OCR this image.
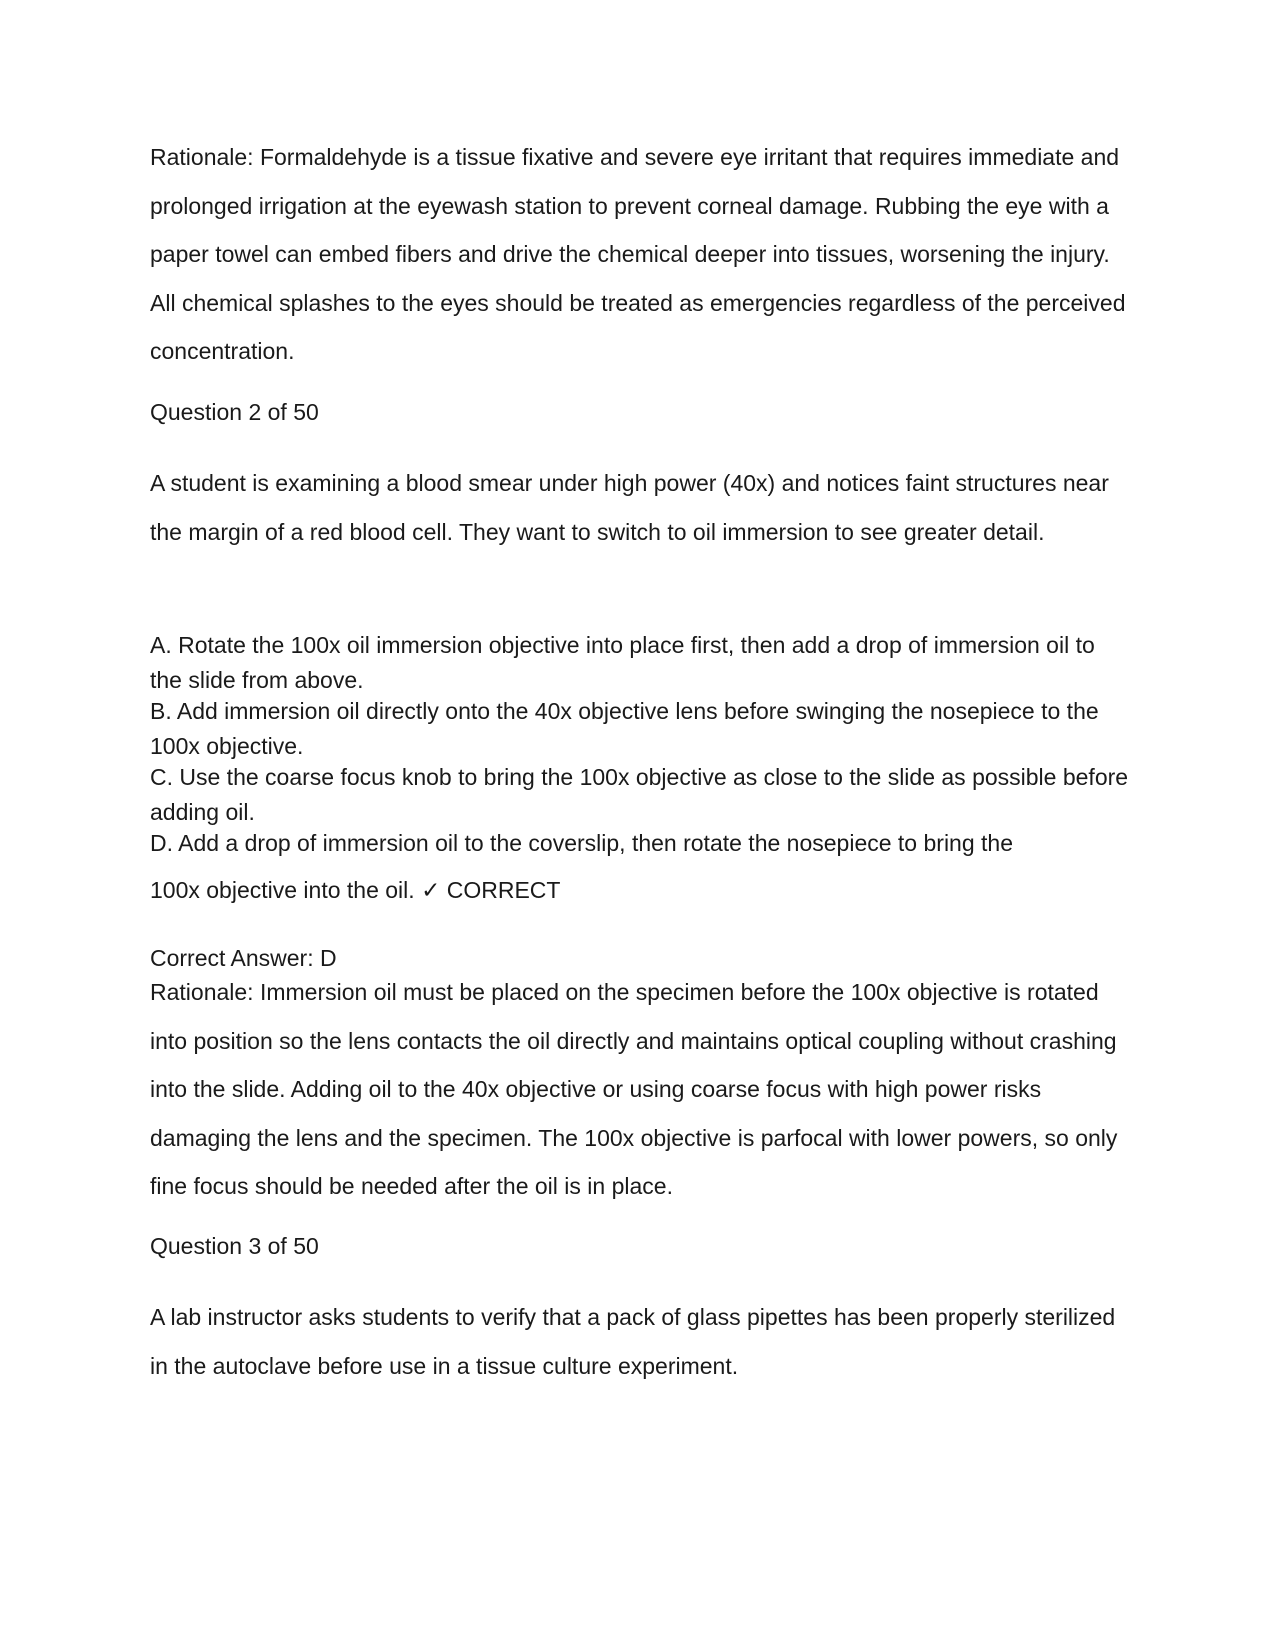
Rationale: Formaldehyde is a tissue fixative and severe eye irritant that requires immediate and prolonged irrigation at the eyewash station to prevent corneal damage. Rubbing the eye with a paper towel can embed fibers and drive the chemical deeper into tissues, worsening the injury. All chemical splashes to the eyes should be treated as emergencies regardless of the perceived concentration.

Question 2 of 50

A student is examining a blood smear under high power (40x) and notices faint structures near the margin of a red blood cell. They want to switch to oil immersion to see greater detail.

A. Rotate the 100x oil immersion objective into place first, then add a drop of immersion oil to the slide from above.

B. Add immersion oil directly onto the 40x objective lens before swinging the nosepiece to the 100x objective.

C. Use the coarse focus knob to bring the 100x objective as close to the slide as possible before adding oil.

D. Add a drop of immersion oil to the coverslip, then rotate the nosepiece to bring the
100x objective into the oil. ✓ CORRECT

Correct Answer: D

Rationale: Immersion oil must be placed on the specimen before the 100x objective is rotated into position so the lens contacts the oil directly and maintains optical coupling without crashing into the slide. Adding oil to the 40x objective or using coarse focus with high power risks damaging the lens and the specimen. The 100x objective is parfocal with lower powers, so only fine focus should be needed after the oil is in place.

Question 3 of 50

A lab instructor asks students to verify that a pack of glass pipettes has been properly sterilized in the autoclave before use in a tissue culture experiment.
